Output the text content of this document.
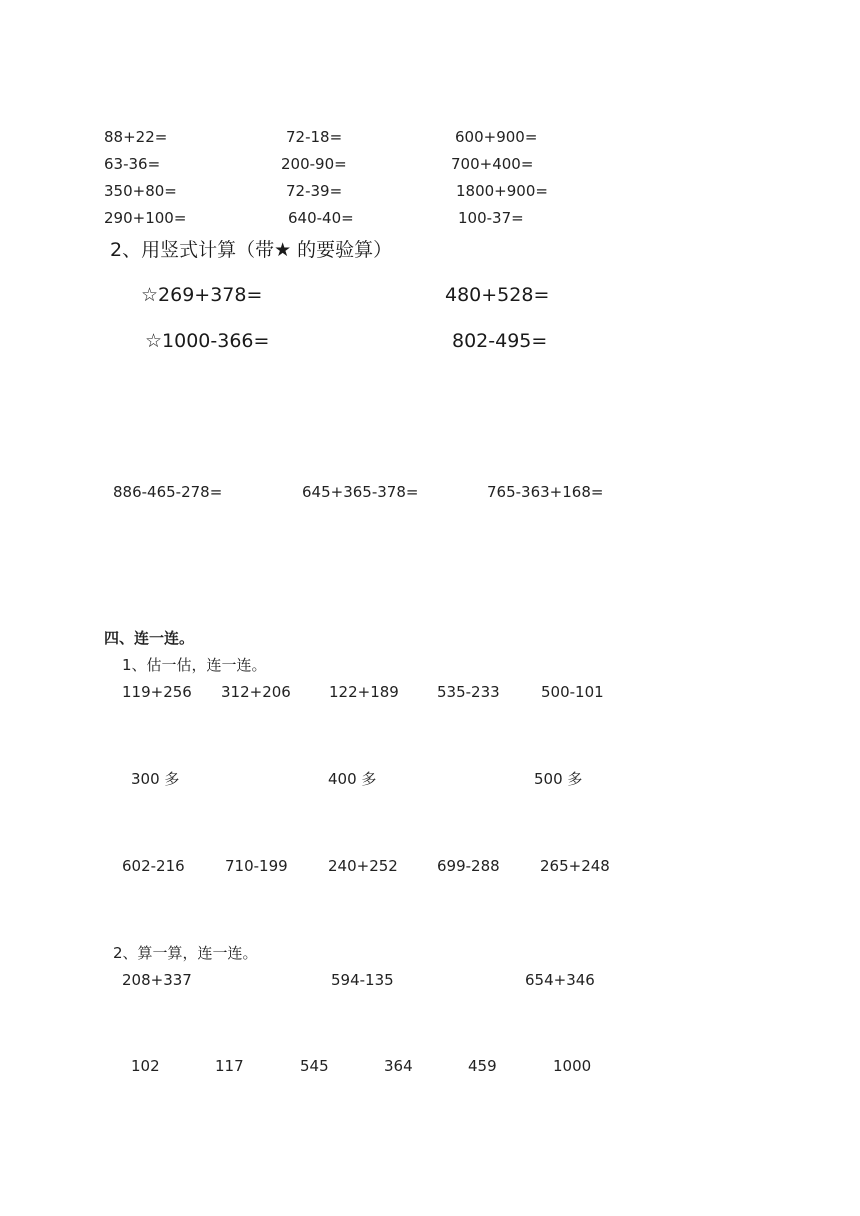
88+22=	72-18=	600+900=
63-36=	200-90=	700+400=
350+80=	72-39=	1800+900=
290+100=	640-40=	100-37=
2、用竖式计算（带★ 的要验算）
☆269+378=	480+528=
☆1000-366=	802-495=
886-465-278=	645+365-378=	765-363+168=
四、连一连。
1、估一估，连一连。
119+256 312+206	122+189	535-233	500-101
300 多	400 多	500 多
602-216	710-199	240+252	699-288	265+248
2、算一算，连一连。
208+337	594-135	654+346
102	117	545	364	459	1000
